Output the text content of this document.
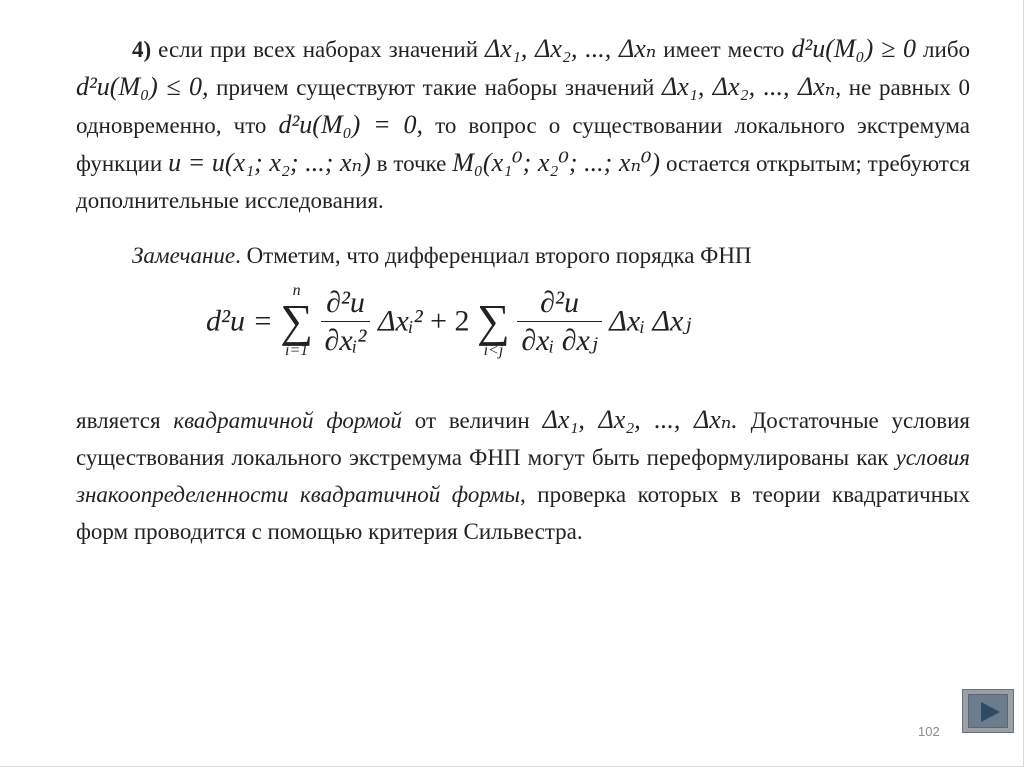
4) если при всех наборах значений Δx₁, Δx₂, ..., Δxₙ имеет место d²u(M₀) ≥ 0 либо d²u(M₀) ≤ 0, причем существуют такие наборы значений Δx₁, Δx₂, ..., Δxₙ, не равных 0 одновременно, что d²u(M₀) = 0, то вопрос о существовании локального экстремума функции u = u(x₁; x₂; ...; xₙ) в точке M₀(x₁⁰; x₂⁰; ...; xₙ⁰) остается открытым; требуются дополнительные исследования.

Замечание. Отметим, что дифференциал второго порядка ФНП

d²u =
n
∑
i=1
$\frac{\text{∂²u}}{\text{∂xᵢ²}}$ Δxᵢ² + 2
∑
i<j
$\frac{\text{∂²u}}{\text{∂xᵢ ∂xⱼ}}$ Δxᵢ Δxⱼ

является квадратичной формой от величин Δx₁, Δx₂, ..., Δxₙ. Достаточные условия существования локального экстремума ФНП могут быть переформулированы как условия знакоопределенности квадратичной формы, проверка которых в теории квадратичных форм проводится с помощью критерия Сильвестра.

102
